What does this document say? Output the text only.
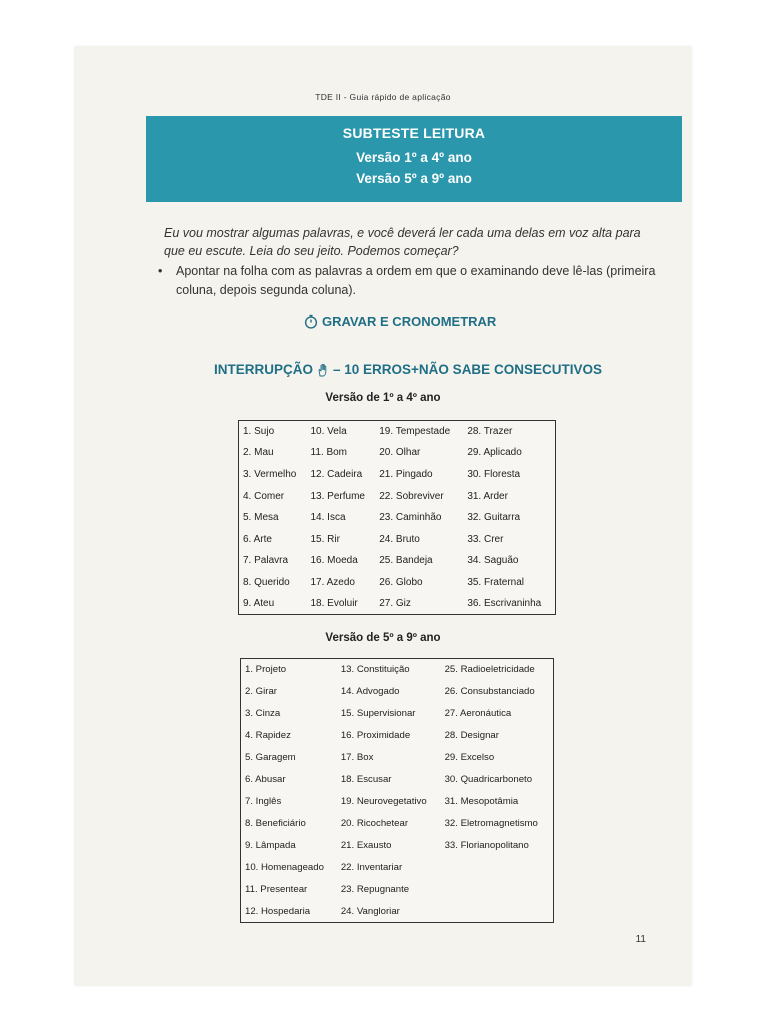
TDE II - Guia rápido de aplicação
SUBTESTE LEITURA
Versão 1º a 4º ano
Versão 5º a 9º ano

Eu vou mostrar algumas palavras, e você deverá ler cada uma delas em voz alta para que eu escute. Leia do seu jeito. Podemos começar?

•	Apontar na folha com as palavras a ordem em que o examinando deve lê-las (primeira coluna, depois segunda coluna).
GRAVAR E CRONOMETRAR
INTERRUPÇÃO – 10 ERROS+NÃO SABE CONSECUTIVOS
Versão de 1º a 4º ano
1. Sujo	10. Vela	19. Tempestade	28. Trazer
2. Mau	11. Bom	20. Olhar	29. Aplicado
3. Vermelho	12. Cadeira	21. Pingado	30. Floresta
4. Comer	13. Perfume	22. Sobreviver	31. Arder
5. Mesa	14. Isca	23. Caminhão	32. Guitarra
6. Arte	15. Rir	24. Bruto	33. Crer
7. Palavra	16. Moeda	25. Bandeja	34. Saguão
8. Querido	17. Azedo	26. Globo	35. Fraternal
9. Ateu	18. Evoluir	27. Giz	36. Escrivaninha
Versão de 5º a 9º ano
1. Projeto	13. Constituição	25. Radioeletricidade
2. Girar	14. Advogado	26. Consubstanciado
3. Cinza	15. Supervisionar	27. Aeronáutica
4. Rapidez	16. Proximidade	28. Designar
5. Garagem	17. Box	29. Excelso
6. Abusar	18. Escusar	30. Quadricarboneto
7. Inglês	19. Neurovegetativo	31. Mesopotâmia
8. Beneficiário	20. Ricochetear	32. Eletromagnetismo
9. Lâmpada	21. Exausto	33. Florianopolitano
10. Homenageado	22. Inventariar	
11. Presentear	23. Repugnante	
12. Hospedaria	24. Vangloriar	
11
